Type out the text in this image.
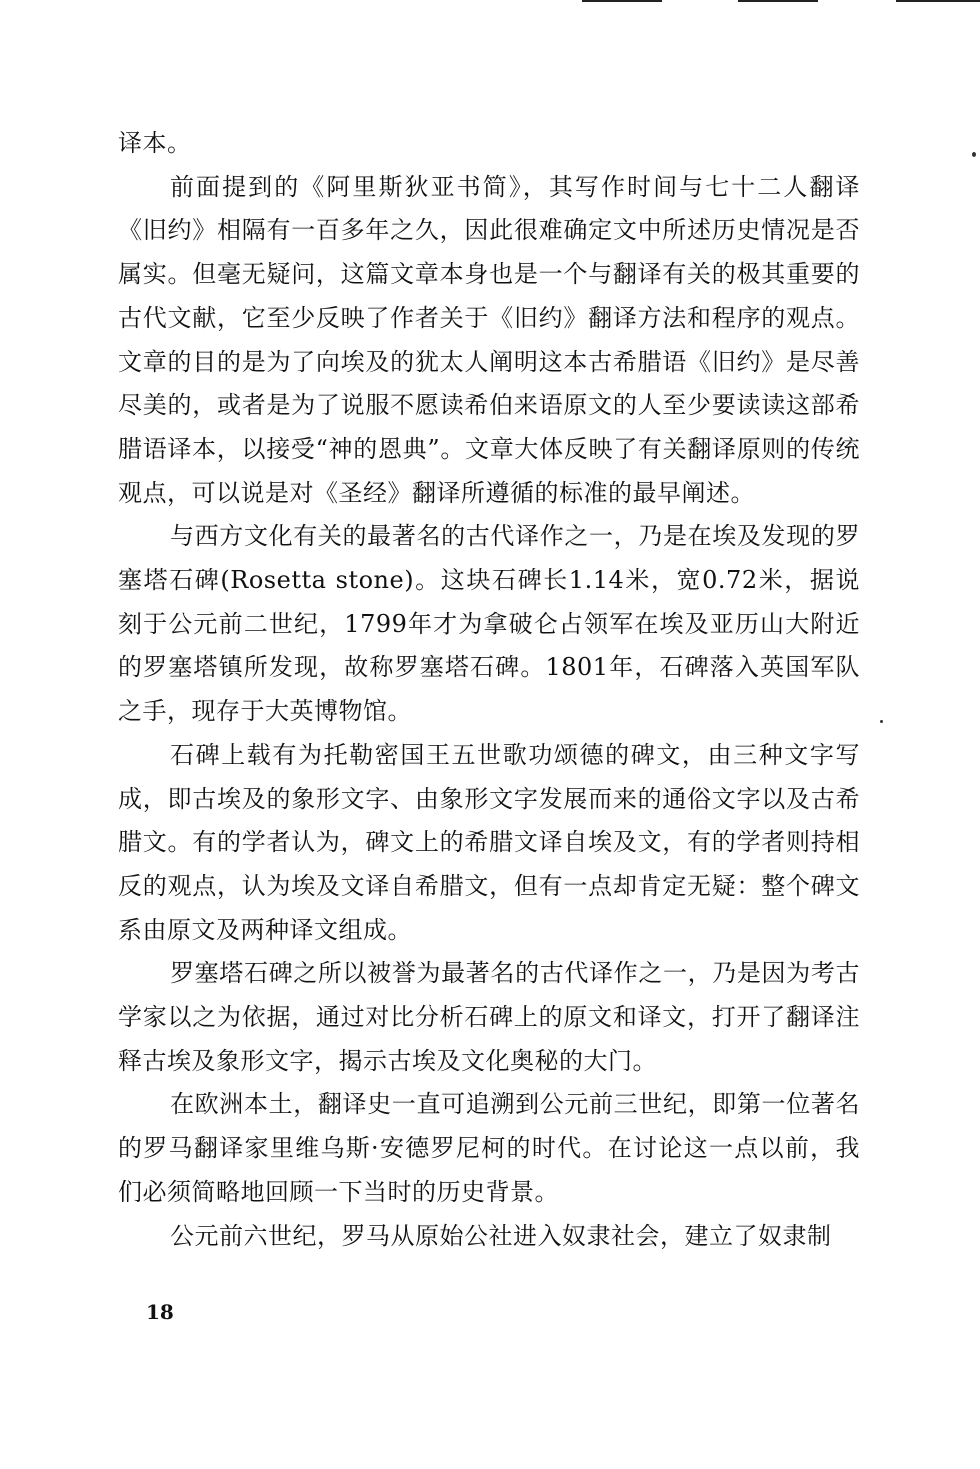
译本。

前面提到的《阿里斯狄亚书简》，其写作时间与七十二人翻译《旧约》相隔有一百多年之久，因此很难确定文中所述历史情况是否属实。但毫无疑问，这篇文章本身也是一个与翻译有关的极其重要的古代文献，它至少反映了作者关于《旧约》翻译方法和程序的观点。文章的目的是为了向埃及的犹太人阐明这本古希腊语《旧约》是尽善尽美的，或者是为了说服不愿读希伯来语原文的人至少要读读这部希腊语译本，以接受“神的恩典”。文章大体反映了有关翻译原则的传统观点，可以说是对《圣经》翻译所遵循的标准的最早阐述。

与西方文化有关的最著名的古代译作之一，乃是在埃及发现的罗塞塔石碑(Rosetta stone)。这块石碑长1.14米，宽0.72米，据说刻于公元前二世纪，1799年才为拿破仑占领军在埃及亚历山大附近的罗塞塔镇所发现，故称罗塞塔石碑。1801年，石碑落入英国军队之手，现存于大英博物馆。

石碑上载有为托勒密国王五世歌功颂德的碑文，由三种文字写成，即古埃及的象形文字、由象形文字发展而来的通俗文字以及古希腊文。有的学者认为，碑文上的希腊文译自埃及文，有的学者则持相反的观点，认为埃及文译自希腊文，但有一点却肯定无疑：整个碑文系由原文及两种译文组成。

罗塞塔石碑之所以被誉为最著名的古代译作之一，乃是因为考古学家以之为依据，通过对比分析石碑上的原文和译文，打开了翻译注释古埃及象形文字，揭示古埃及文化奥秘的大门。

在欧洲本土，翻译史一直可追溯到公元前三世纪，即第一位著名的罗马翻译家里维乌斯·安德罗尼柯的时代。在讨论这一点以前，我们必须简略地回顾一下当时的历史背景。

公元前六世纪，罗马从原始公社进入奴隶社会，建立了奴隶制

18
